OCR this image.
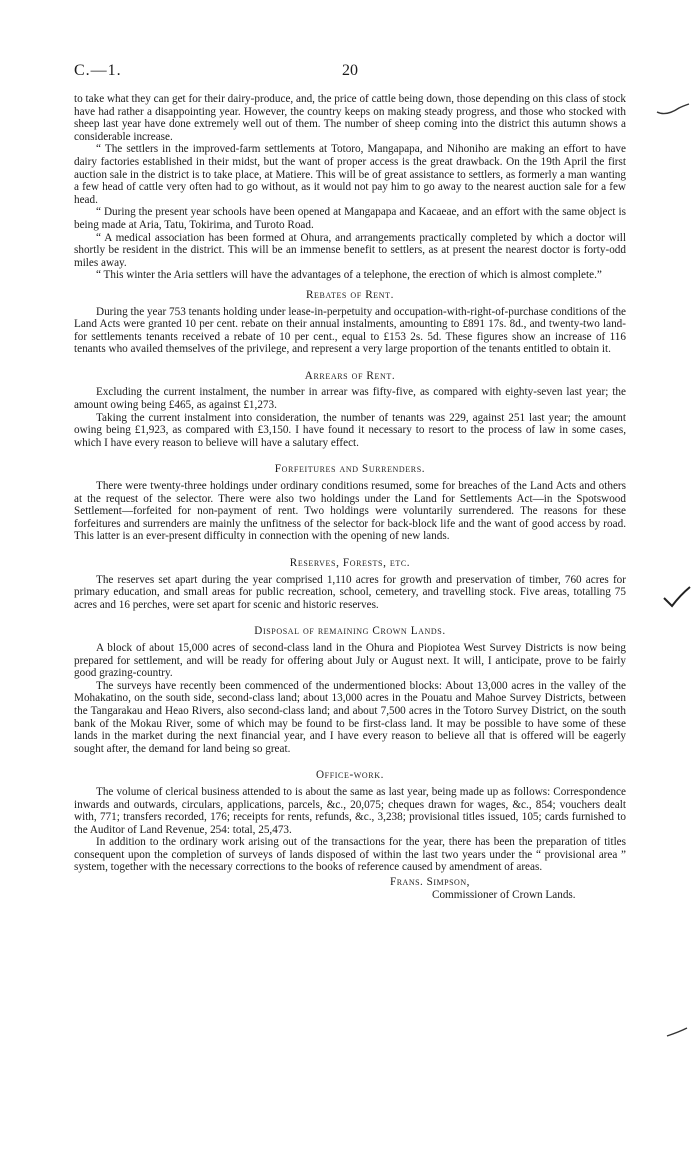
C.—1.	20

to take what they can get for their dairy-produce, and, the price of cattle being down, those depending on this class of stock have had rather a disappointing year. However, the country keeps on making steady progress, and those who stocked with sheep last year have done extremely well out of them. The number of sheep coming into the district this autumn shows a considerable increase.

“ The settlers in the improved-farm settlements at Totoro, Mangapapa, and Nihoniho are making an effort to have dairy factories established in their midst, but the want of proper access is the great drawback. On the 19th April the first auction sale in the district is to take place, at Matiere. This will be of great assistance to settlers, as formerly a man wanting a few head of cattle very often had to go without, as it would not pay him to go away to the nearest auction sale for a few head.

“ During the present year schools have been opened at Mangapapa and Kacaeae, and an effort with the same object is being made at Aria, Tatu, Tokirima, and Turoto Road.

“ A medical association has been formed at Ohura, and arrangements practically completed by which a doctor will shortly be resident in the district. This will be an immense benefit to settlers, as at present the nearest doctor is forty-odd miles away.

“ This winter the Aria settlers will have the advantages of a telephone, the erection of which is almost complete.”

Rebates of Rent.

During the year 753 tenants holding under lease-in-perpetuity and occupation-with-right-of-purchase conditions of the Land Acts were granted 10 per cent. rebate on their annual instalments, amounting to £891 17s. 8d., and twenty-two land-for settlements tenants received a rebate of 10 per cent., equal to £153 2s. 5d. These figures show an increase of 116 tenants who availed themselves of the privilege, and represent a very large proportion of the tenants entitled to obtain it.

Arrears of Rent.

Excluding the current instalment, the number in arrear was fifty-five, as compared with eighty-seven last year; the amount owing being £465, as against £1,273.

Taking the current instalment into consideration, the number of tenants was 229, against 251 last year; the amount owing being £1,923, as compared with £3,150. I have found it necessary to resort to the process of law in some cases, which I have every reason to believe will have a salutary effect.

Forfeitures and Surrenders.

There were twenty-three holdings under ordinary conditions resumed, some for breaches of the Land Acts and others at the request of the selector. There were also two holdings under the Land for Settlements Act—in the Spotswood Settlement—forfeited for non-payment of rent. Two holdings were voluntarily surrendered. The reasons for these forfeitures and surrenders are mainly the unfitness of the selector for back-block life and the want of good access by road. This latter is an ever-present difficulty in connection with the opening of new lands.

Reserves, Forests, etc.

The reserves set apart during the year comprised 1,110 acres for growth and preservation of timber, 760 acres for primary education, and small areas for public recreation, school, cemetery, and travelling stock. Five areas, totalling 75 acres and 16 perches, were set apart for scenic and historic reserves.

Disposal of remaining Crown Lands.

A block of about 15,000 acres of second-class land in the Ohura and Piopiotea West Survey Districts is now being prepared for settlement, and will be ready for offering about July or August next. It will, I anticipate, prove to be fairly good grazing-country.

The surveys have recently been commenced of the undermentioned blocks: About 13,000 acres in the valley of the Mohakatino, on the south side, second-class land; about 13,000 acres in the Pouatu and Mahoe Survey Districts, between the Tangarakau and Heao Rivers, also second-class land; and about 7,500 acres in the Totoro Survey District, on the south bank of the Mokau River, some of which may be found to be first-class land. It may be possible to have some of these lands in the market during the next financial year, and I have every reason to believe all that is offered will be eagerly sought after, the demand for land being so great.

Office-work.

The volume of clerical business attended to is about the same as last year, being made up as follows: Correspondence inwards and outwards, circulars, applications, parcels, &c., 20,075; cheques drawn for wages, &c., 854; vouchers dealt with, 771; transfers recorded, 176; receipts for rents, refunds, &c., 3,238; provisional titles issued, 105; cards furnished to the Auditor of Land Revenue, 254: total, 25,473.

In addition to the ordinary work arising out of the transactions for the year, there has been the preparation of titles consequent upon the completion of surveys of lands disposed of within the last two years under the “ provisional area ” system, together with the necessary corrections to the books of reference caused by amendment of areas.

Frans. Simpson,
Commissioner of Crown Lands.
